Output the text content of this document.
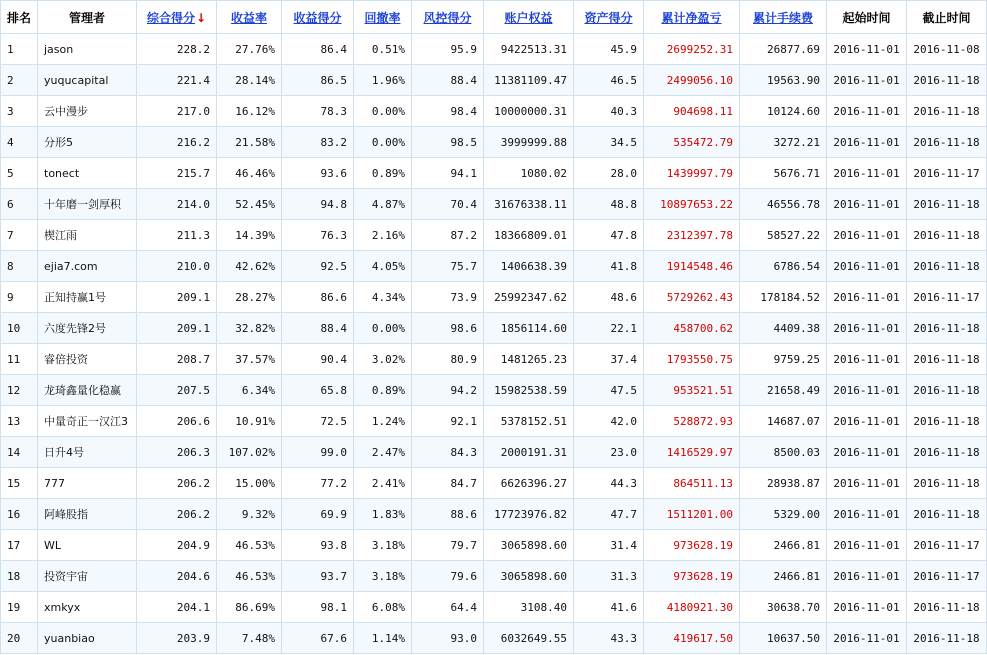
排名	管理者	综合得分↓	收益率	收益得分	回撤率	风控得分	账户权益	资产得分	累计净盈亏	累计手续费	起始时间	截止时间
1	jason	228.2	27.76%	86.4	0.51%	95.9	9422513.31	45.9	2699252.31	26877.69	2016-11-01	2016-11-08
2	yuqucapital	221.4	28.14%	86.5	1.96%	88.4	11381109.47	46.5	2499056.10	19563.90	2016-11-01	2016-11-18
3	云中漫步	217.0	16.12%	78.3	0.00%	98.4	10000000.31	40.3	904698.11	10124.60	2016-11-01	2016-11-18
4	分形5	216.2	21.58%	83.2	0.00%	98.5	3999999.88	34.5	535472.79	3272.21	2016-11-01	2016-11-18
5	tonect	215.7	46.46%	93.6	0.89%	94.1	1080.02	28.0	1439997.79	5676.71	2016-11-01	2016-11-17
6	十年磨一剑厚积	214.0	52.45%	94.8	4.87%	70.4	31676338.11	48.8	10897653.22	46556.78	2016-11-01	2016-11-18
7	楔江雨	211.3	14.39%	76.3	2.16%	87.2	18366809.01	47.8	2312397.78	58527.22	2016-11-01	2016-11-18
8	ejia7.com	210.0	42.62%	92.5	4.05%	75.7	1406638.39	41.8	1914548.46	6786.54	2016-11-01	2016-11-18
9	正知持赢1号	209.1	28.27%	86.6	4.34%	73.9	25992347.62	48.6	5729262.43	178184.52	2016-11-01	2016-11-17
10	六度先锋2号	209.1	32.82%	88.4	0.00%	98.6	1856114.60	22.1	458700.62	4409.38	2016-11-01	2016-11-18
11	睿倍投资	208.7	37.57%	90.4	3.02%	80.9	1481265.23	37.4	1793550.75	9759.25	2016-11-01	2016-11-18
12	龙琦鑫量化稳赢	207.5	6.34%	65.8	0.89%	94.2	15982538.59	47.5	953521.51	21658.49	2016-11-01	2016-11-18
13	中量奇正一汉江3	206.6	10.91%	72.5	1.24%	92.1	5378152.51	42.0	528872.93	14687.07	2016-11-01	2016-11-18
14	日升4号	206.3	107.02%	99.0	2.47%	84.3	2000191.31	23.0	1416529.97	8500.03	2016-11-01	2016-11-18
15	777	206.2	15.00%	77.2	2.41%	84.7	6626396.27	44.3	864511.13	28938.87	2016-11-01	2016-11-18
16	阿峰股指	206.2	9.32%	69.9	1.83%	88.6	17723976.82	47.7	1511201.00	5329.00	2016-11-01	2016-11-18
17	WL	204.9	46.53%	93.8	3.18%	79.7	3065898.60	31.4	973628.19	2466.81	2016-11-01	2016-11-17
18	投资宇宙	204.6	46.53%	93.7	3.18%	79.6	3065898.60	31.3	973628.19	2466.81	2016-11-01	2016-11-17
19	xmkyx	204.1	86.69%	98.1	6.08%	64.4	3108.40	41.6	4180921.30	30638.70	2016-11-01	2016-11-18
20	yuanbiao	203.9	7.48%	67.6	1.14%	93.0	6032649.55	43.3	419617.50	10637.50	2016-11-01	2016-11-18
